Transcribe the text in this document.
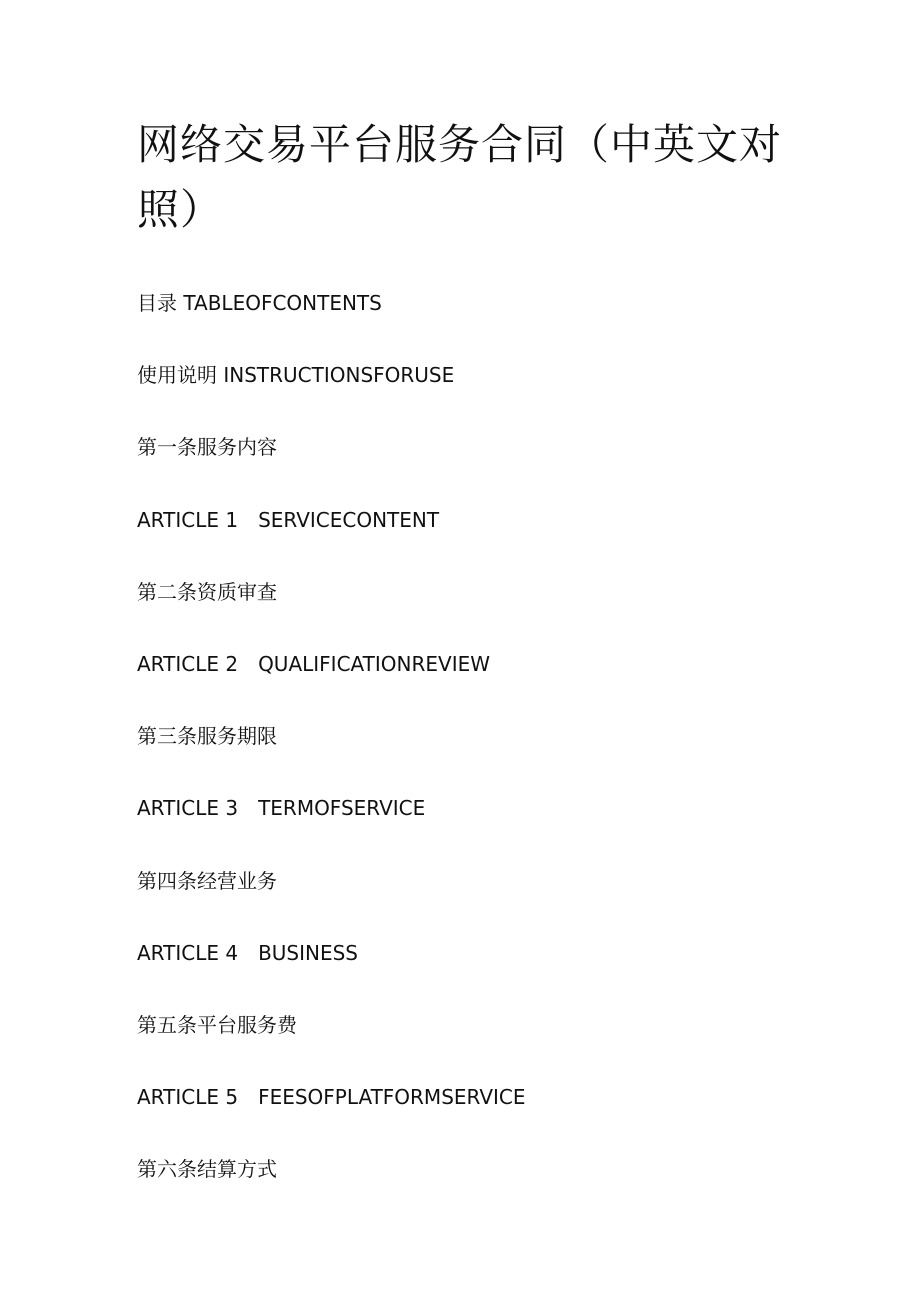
网络交易平台服务合同（中英文对照）
目录 TABLEOFCONTENTS
使用说明 INSTRUCTIONSFORUSE
第一条服务内容
ARTICLE 1　SERVICECONTENT
第二条资质审查
ARTICLE 2　QUALIFICATIONREVIEW
第三条服务期限
ARTICLE 3　TERMOFSERVICE
第四条经营业务
ARTICLE 4　BUSINESS
第五条平台服务费
ARTICLE 5　FEESOFPLATFORMSERVICE
第六条结算方式
